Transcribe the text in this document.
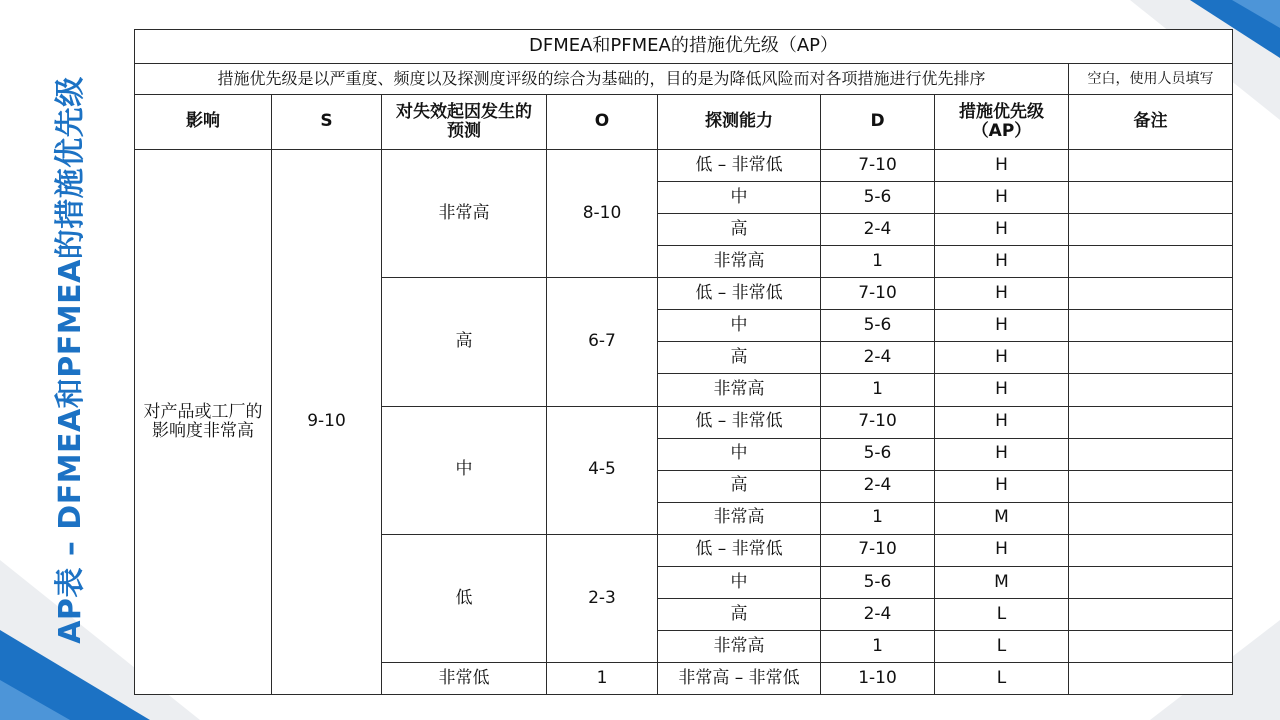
AP表 – DFMEA和PFMEA的措施优先级
DFMEA和PFMEA的措施优先级（AP）							
措施优先级是以严重度、频度以及探测度评级的综合为基础的，目的是为降低风险而对各项措施进行优先排序							空白，使用人员填写
影响	S	对失效起因发生的预测	O	探测能力	D	措施优先级（AP）	备注
对产品或工厂的影响度非常高	9-10	非常高	8-10	低 – 非常低	7-10	H	
				中	5-6	H	
				高	2-4	H	
				非常高	1	H	
		高	6-7	低 – 非常低	7-10	H	
				中	5-6	H	
				高	2-4	H	
				非常高	1	H	
		中	4-5	低 – 非常低	7-10	H	
				中	5-6	H	
				高	2-4	H	
				非常高	1	M	
		低	2-3	低 – 非常低	7-10	H	
				中	5-6	M	
				高	2-4	L	
				非常高	1	L	
		非常低	1	非常高 – 非常低	1-10	L	
